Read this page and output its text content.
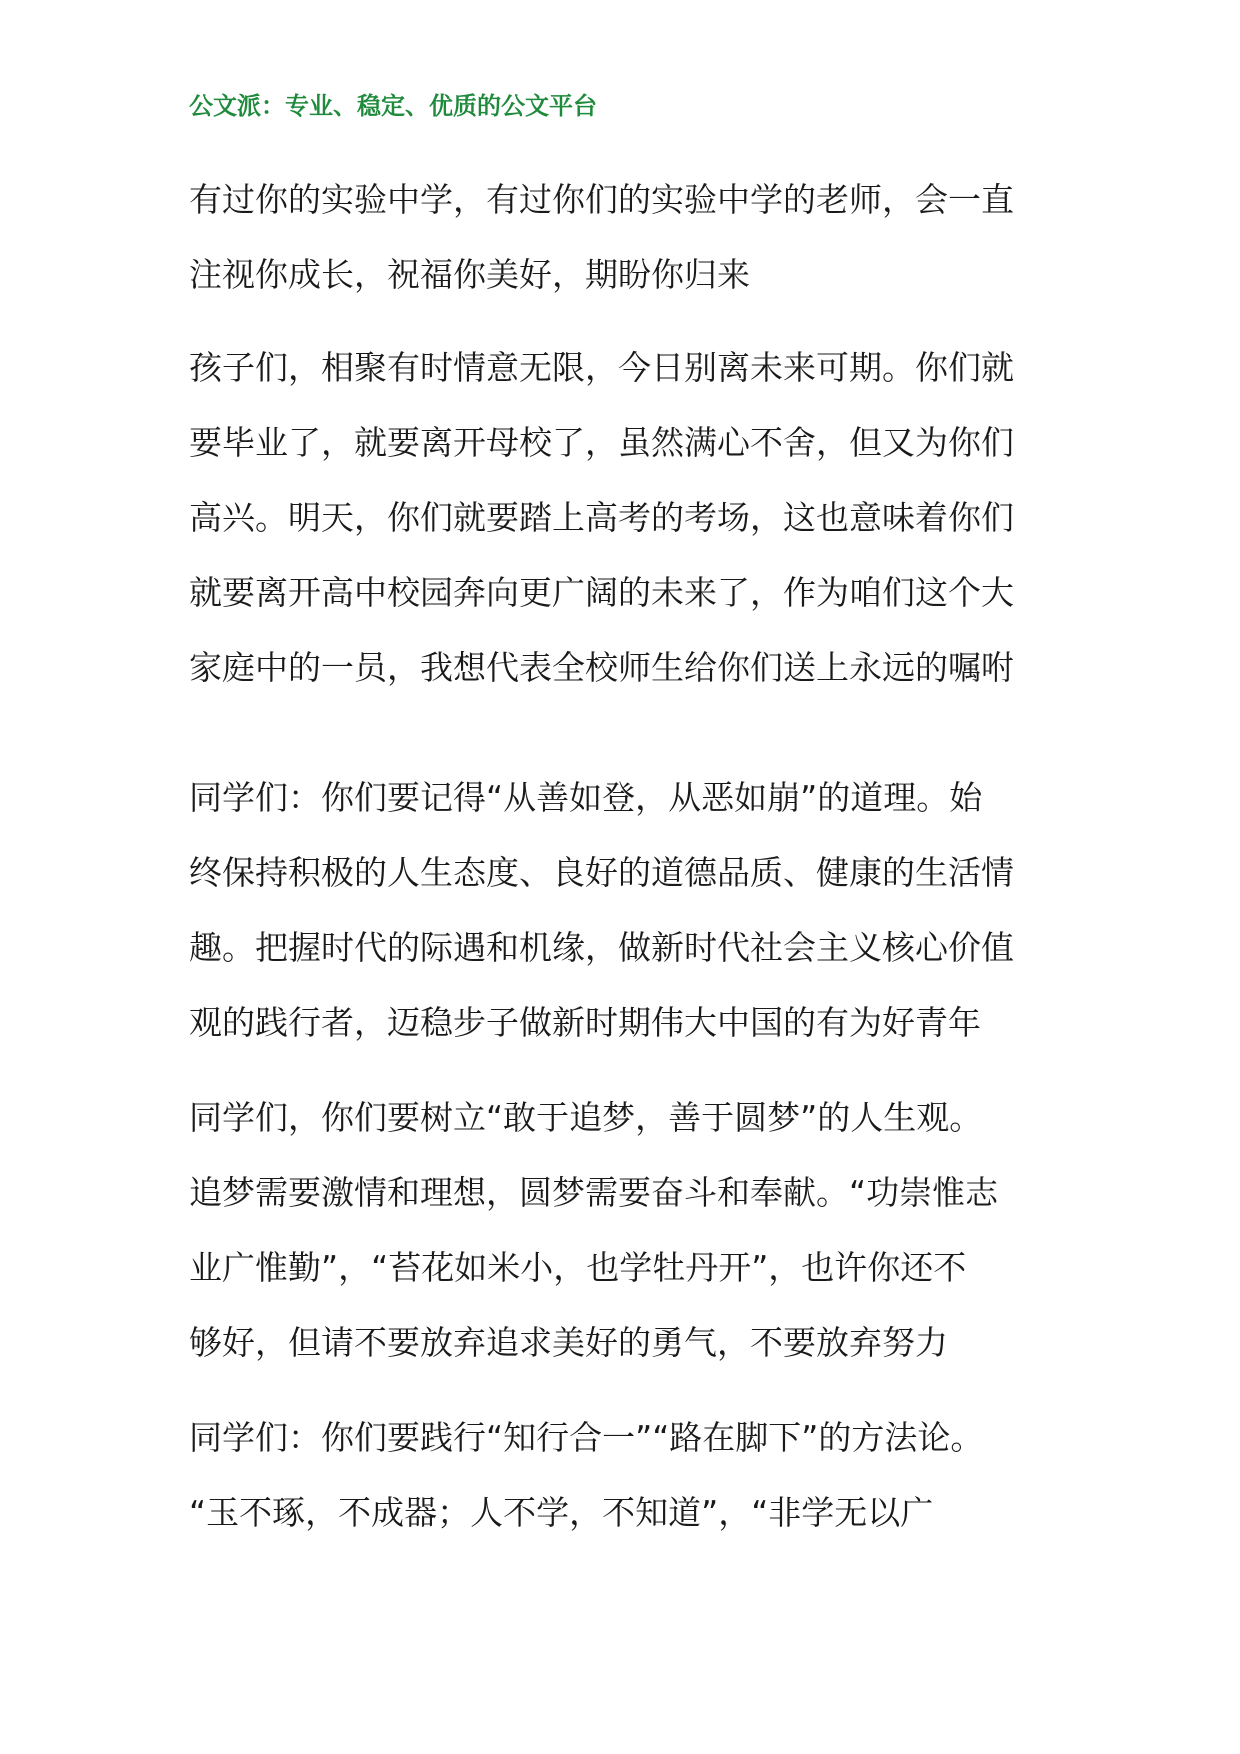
公文派：专业、稳定、优质的公文平台
有过你的实验中学，有过你们的实验中学的老师，会一直
注视你成长，祝福你美好，期盼你归来
孩子们，相聚有时情意无限，今日别离未来可期。你们就
要毕业了，就要离开母校了，虽然满心不舍，但又为你们
高兴。明天，你们就要踏上高考的考场，这也意味着你们
就要离开高中校园奔向更广阔的未来了，作为咱们这个大
家庭中的一员，我想代表全校师生给你们送上永远的嘱咐
同学们：你们要记得“从善如登，从恶如崩”的道理。始
终保持积极的人生态度、良好的道德品质、健康的生活情
趣。把握时代的际遇和机缘，做新时代社会主义核心价值
观的践行者，迈稳步子做新时期伟大中国的有为好青年
同学们，你们要树立“敢于追梦，善于圆梦”的人生观。
追梦需要激情和理想，圆梦需要奋斗和奉献。“功崇惟志
业广惟勤”，“苔花如米小，也学牡丹开”，也许你还不
够好，但请不要放弃追求美好的勇气，不要放弃努力
同学们：你们要践行“知行合一”“路在脚下”的方法论。
“玉不琢，不成器；人不学，不知道”，“非学无以广
